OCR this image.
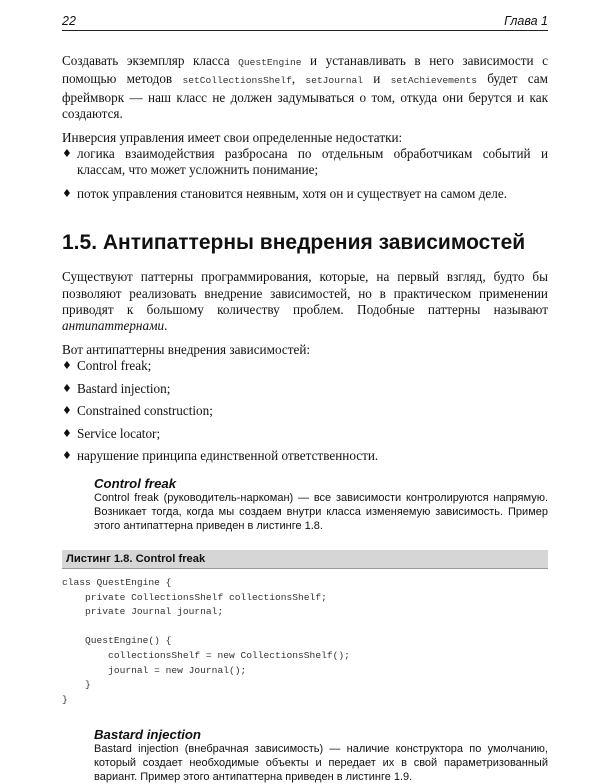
22	Глава 1

Создавать экземпляр класса QuestEngine и устанавливать в него зависимости с помощью методов setCollectionsShelf, setJournal и setAchievements будет сам фреймворк — наш класс не должен задумываться о том, откуда они берутся и как создаются.

Инверсия управления имеет свои определенные недостатки:

♦ логика взаимодействия разбросана по отдельным обработчикам событий и классам, что может усложнить понимание;
♦ поток управления становится неявным, хотя он и существует на самом деле.
1.5. Антипаттерны внедрения зависимостей

Существуют паттерны программирования, которые, на первый взгляд, будто бы позволяют реализовать внедрение зависимостей, но в практическом применении приводят к большому количеству проблем. Подобные паттерны называют антипаттернами.

Вот антипаттерны внедрения зависимостей:

♦ Control freak;
♦ Bastard injection;
♦ Constrained construction;
♦ Service locator;
♦ нарушение принципа единственной ответственности.
Control freak

Control freak (руководитель-наркоман) — все зависимости контролируются напрямую. Возникает тогда, когда мы создаем внутри класса изменяемую зависимость. Пример этого антипаттерна приведен в листинге 1.8.

Листинг 1.8. Control freak
class QuestEngine {
private CollectionsShelf collectionsShelf;
private Journal journal;

QuestEngine() {
collectionsShelf = new CollectionsShelf();
journal = new Journal();
}
}
Bastard injection

Bastard injection (внебрачная зависимость) — наличие конструктора по умолчанию, который создает необходимые объекты и передает их в свой параметризованный вариант. Пример этого антипаттерна приведен в листинге 1.9.
